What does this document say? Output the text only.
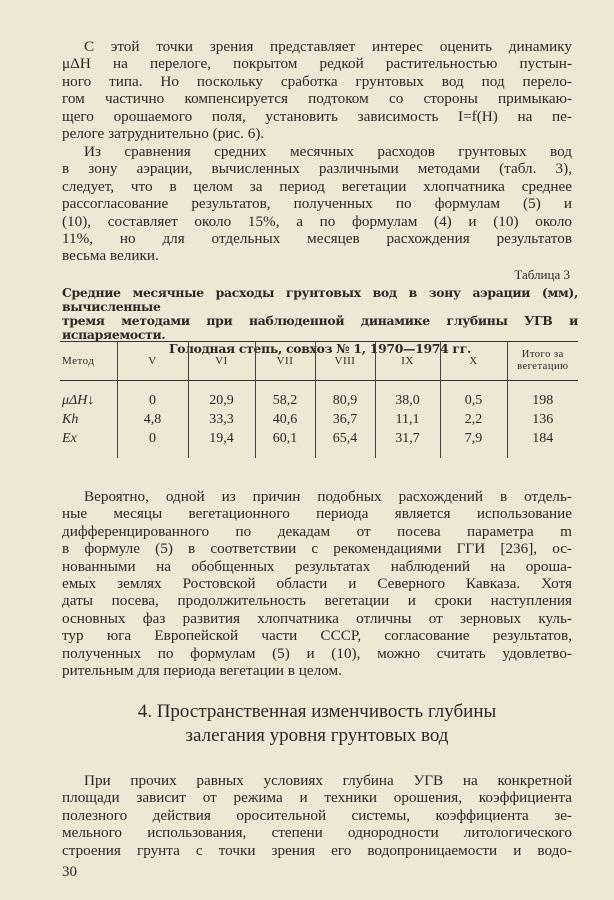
С этой точки зрения представляет интерес оценить динамику
μΔH на перелоге, покрытом редкой растительностью пустын-
ного типа. Но поскольку сработка грунтовых вод под перело-
гом частично компенсируется подтоком со стороны примыкаю-
щего орошаемого поля, установить зависимость I=f(H) на пе-
релоге затруднительно (рис. 6).
Из сравнения средних месячных расходов грунтовых вод
в зону аэрации, вычисленных различными методами (табл. 3),
следует, что в целом за период вегетации хлопчатника среднее
рассогласование результатов, полученных по формулам (5) и
(10), составляет около 15%, а по формулам (4) и (10) около
11%, но для отдельных месяцев расхождения результатов
весьма велики.
Таблица 3
Средние месячные расходы грунтовых вод в зону аэрации (мм), вычисленные
тремя методами при наблюденной динамике глубины УГВ и испаряемости.
Голодная степь, совхоз № 1, 1970—1974 гг.
Метод	V	VI	VII	VIII	IX	X	Итого за вегетацию
μΔH↓	0	20,9	58,2	80,9	38,0	0,5	198
Kh	4,8	33,3	40,6	36,7	11,1	2,2	136
Ex	0	19,4	60,1	65,4	31,7	7,9	184
Вероятно, одной из причин подобных расхождений в отдель-
ные месяцы вегетационного периода является использование
дифференцированного по декадам от посева параметра m
в формуле (5) в соответствии с рекомендациями ГГИ [236], ос-
нованными на обобщенных результатах наблюдений на ороша-
емых землях Ростовской области и Северного Кавказа. Хотя
даты посева, продолжительность вегетации и сроки наступления
основных фаз развития хлопчатника отличны от зерновых куль-
тур юга Европейской части СССР, согласование результатов,
полученных по формулам (5) и (10), можно считать удовлетво-
рительным для периода вегетации в целом.
4. Пространственная изменчивость глубины
залегания уровня грунтовых вод
При прочих равных условиях глубина УГВ на конкретной
площади зависит от режима и техники орошения, коэффициента
полезного действия оросительной системы, коэффициента зе-
мельного использования, степени однородности литологического
строения грунта с точки зрения его водопроницаемости и водо-
30
